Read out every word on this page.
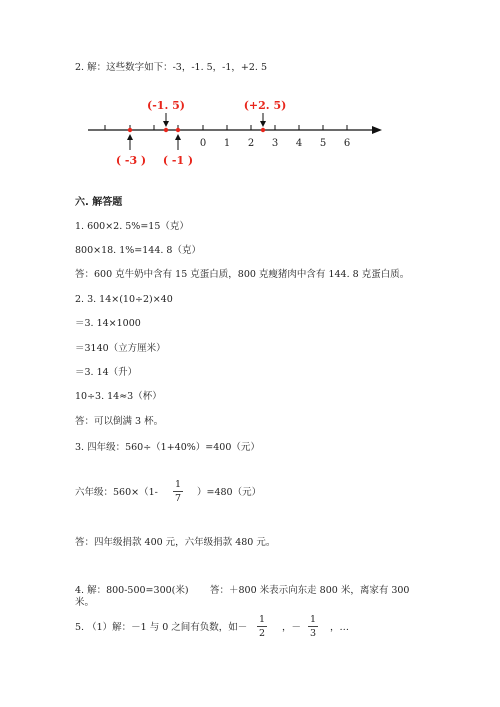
2. 解：这些数字如下：-3，-1. 5，-1，+2. 5
0 1 2 3 4 5 6
(-1. 5)	(+2. 5)
( -3 ) ( -1 )
六. 解答题
1. 600×2. 5%=15（克）
800×18. 1%=144. 8（克）
答：600 克牛奶中含有 15 克蛋白质，800 克瘦猪肉中含有 144. 8 克蛋白质。
2. 3. 14×(10÷2)×40
＝3. 14×1000
＝3140（立方厘米）
＝3. 14（升）
10÷3. 14≈3（杯）
答：可以倒满 3 杯。
3. 四年级：560÷（1+40%）=400（元）
六年级：560×（1-
1
7
）=480（元）
答：四年级捐款 400 元，六年级捐款 480 元。
4. 解：800-500=300(米) 答：＋800 米表示向东走 800 米，离家有 300
米。
5. （1）解：－1 与 0 之间有负数，如－
1
2
，－
1
3
，…
